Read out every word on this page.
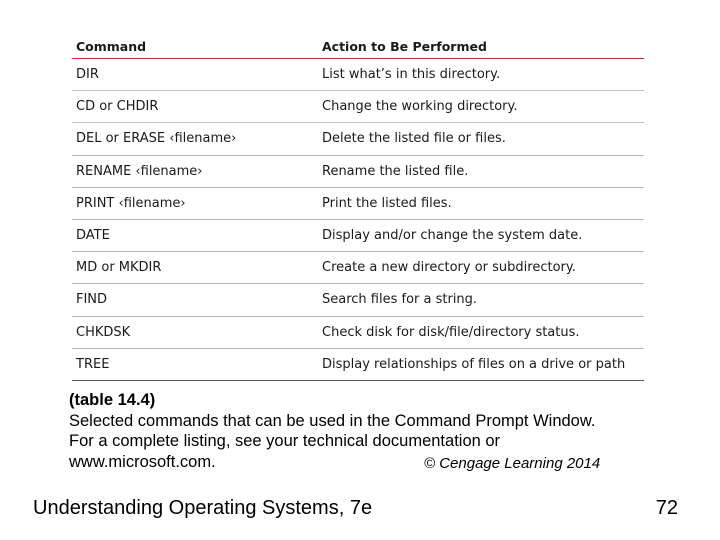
Command	Action to Be Performed
DIR	List what’s in this directory.
CD or CHDIR	Change the working directory.
DEL or ERASE ‹filename›	Delete the listed file or files.
RENAME ‹filename›	Rename the listed file.
PRINT ‹filename›	Print the listed files.
DATE	Display and/or change the system date.
MD or MKDIR	Create a new directory or subdirectory.
FIND	Search files for a string.
CHKDSK	Check disk for disk/file/directory status.
TREE	Display relationships of files on a drive or path
(table 14.4)
Selected commands that can be used in the Command Prompt Window.
For a complete listing, see your technical documentation or
www.microsoft.com.	© Cengage Learning 2014
Understanding Operating Systems, 7e	72
